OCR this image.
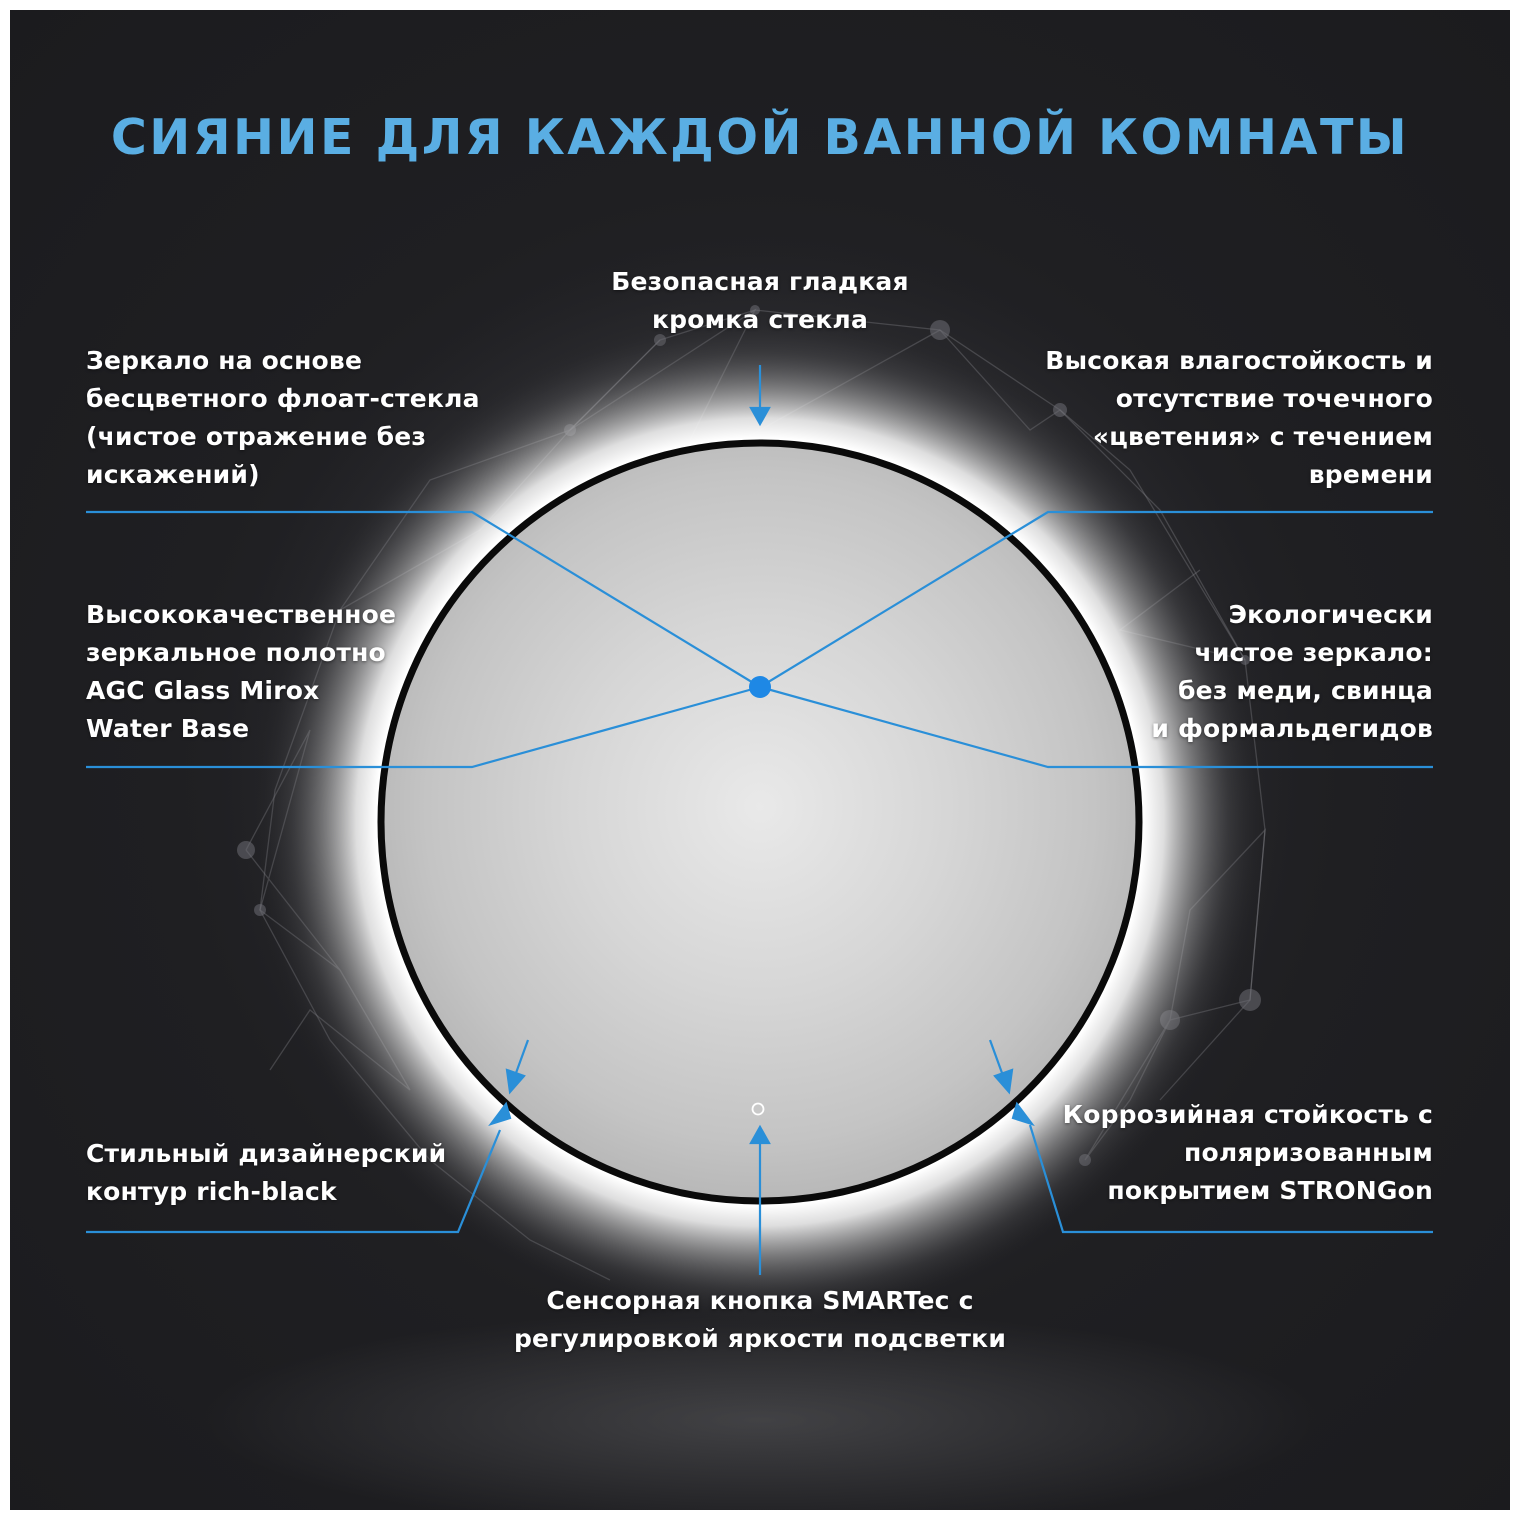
СИЯНИЕ ДЛЯ КАЖДОЙ ВАННОЙ КОМНАТЫ
Безопасная гладкая
кромка стекла
Зеркало на основе
бесцветного флоат-стекла
(чистое отражение без
искажений)
Высокая влагостойкость и
отсутствие точечного
«цветения» с течением
времени
Высококачественное
зеркальное полотно
AGC Glass Mirox
Water Base
Экологически
чистое зеркало:
без меди, свинца
и формальдегидов
Стильный дизайнерский
контур rich-black
Коррозийная стойкость с
поляризованным
покрытием STRONGon
Сенсорная кнопка SMARTec с
регулировкой яркости подсветки
